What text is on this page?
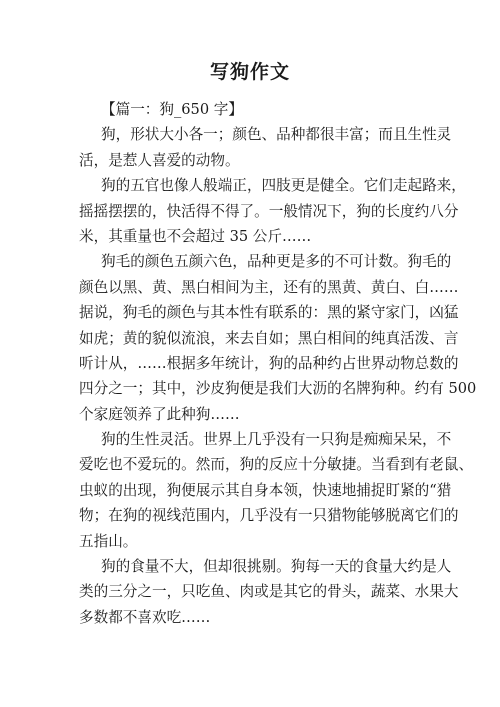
写狗作文
【篇一：狗_650 字】
狗，形状大小各一；颜色、品种都很丰富；而且生性灵
活，是惹人喜爱的动物。
狗的五官也像人般端正，四肢更是健全。它们走起路来，
摇摇摆摆的，快活得不得了。一般情况下，狗的长度约八分
米，其重量也不会超过 35 公斤……
狗毛的颜色五颜六色，品种更是多的不可计数。狗毛的
颜色以黑、黄、黑白相间为主，还有的黑黄、黄白、白……
据说，狗毛的颜色与其本性有联系的：黑的紧守家门，凶猛
如虎；黄的貌似流浪，来去自如；黑白相间的纯真活泼、言
听计从，……根据多年统计，狗的品种约占世界动物总数的
四分之一；其中，沙皮狗便是我们大沥的名牌狗种。约有 500
个家庭领养了此种狗……
狗的生性灵活。世界上几乎没有一只狗是痴痴呆呆，不
爱吃也不爱玩的。然而，狗的反应十分敏捷。当看到有老鼠、
虫蚁的出现，狗便展示其自身本领，快速地捕捉盯紧的“猎
物；在狗的视线范围内，几乎没有一只猎物能够脱离它们的
五指山。
狗的食量不大，但却很挑剔。狗每一天的食量大约是人
类的三分之一，只吃鱼、肉或是其它的骨头，蔬菜、水果大
多数都不喜欢吃……
